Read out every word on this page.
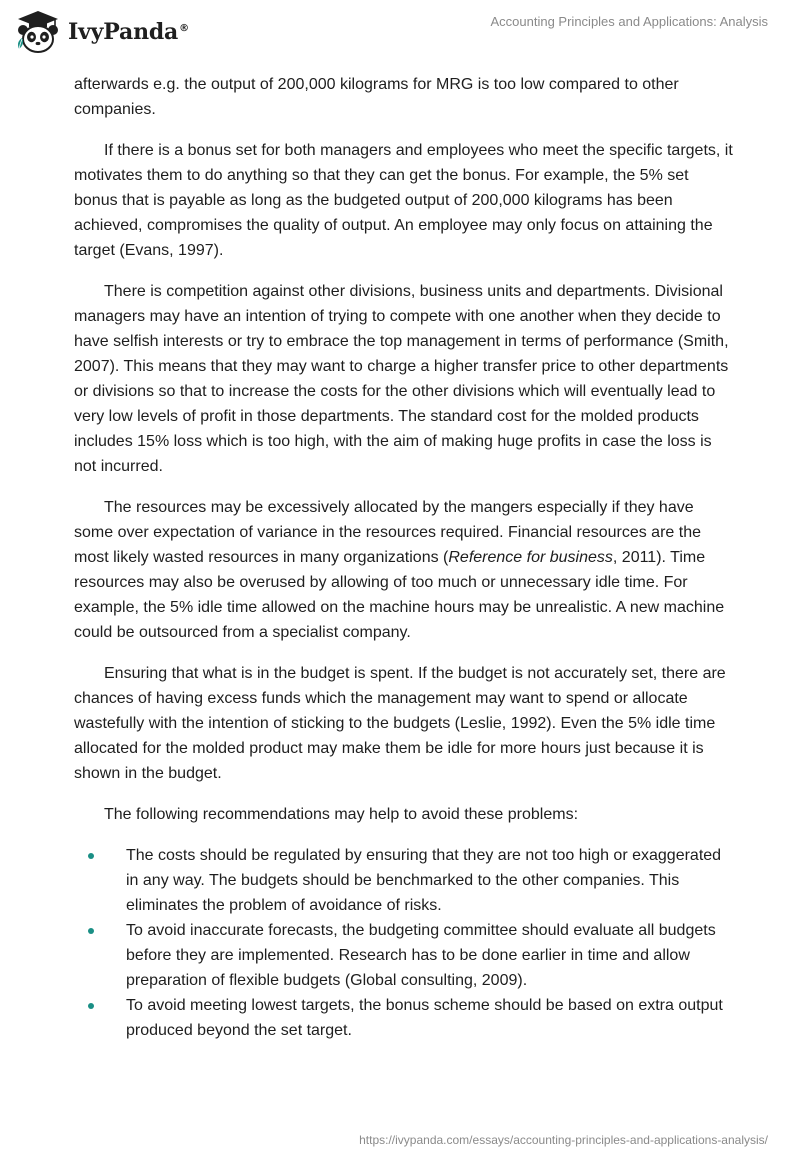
IvyPanda®	Accounting Principles and Applications: Analysis

afterwards e.g. the output of 200,000 kilograms for MRG is too low compared to other companies.

If there is a bonus set for both managers and employees who meet the specific targets, it motivates them to do anything so that they can get the bonus. For example, the 5% set bonus that is payable as long as the budgeted output of 200,000 kilograms has been achieved, compromises the quality of output. An employee may only focus on attaining the target (Evans, 1997).

There is competition against other divisions, business units and departments. Divisional managers may have an intention of trying to compete with one another when they decide to have selfish interests or try to embrace the top management in terms of performance (Smith, 2007). This means that they may want to charge a higher transfer price to other departments or divisions so that to increase the costs for the other divisions which will eventually lead to very low levels of profit in those departments. The standard cost for the molded products includes 15% loss which is too high, with the aim of making huge profits in case the loss is not incurred.

The resources may be excessively allocated by the mangers especially if they have some over expectation of variance in the resources required. Financial resources are the most likely wasted resources in many organizations (Reference for business, 2011). Time resources may also be overused by allowing of too much or unnecessary idle time. For example, the 5% idle time allowed on the machine hours may be unrealistic. A new machine could be outsourced from a specialist company.

Ensuring that what is in the budget is spent. If the budget is not accurately set, there are chances of having excess funds which the management may want to spend or allocate wastefully with the intention of sticking to the budgets (Leslie, 1992). Even the 5% idle time allocated for the molded product may make them be idle for more hours just because it is shown in the budget.

The following recommendations may help to avoid these problems:

The costs should be regulated by ensuring that they are not too high or exaggerated in any way. The budgets should be benchmarked to the other companies. This eliminates the problem of avoidance of risks.
To avoid inaccurate forecasts, the budgeting committee should evaluate all budgets before they are implemented. Research has to be done earlier in time and allow preparation of flexible budgets (Global consulting, 2009).
To avoid meeting lowest targets, the bonus scheme should be based on extra output produced beyond the set target.
https://ivypanda.com/essays/accounting-principles-and-applications-analysis/
